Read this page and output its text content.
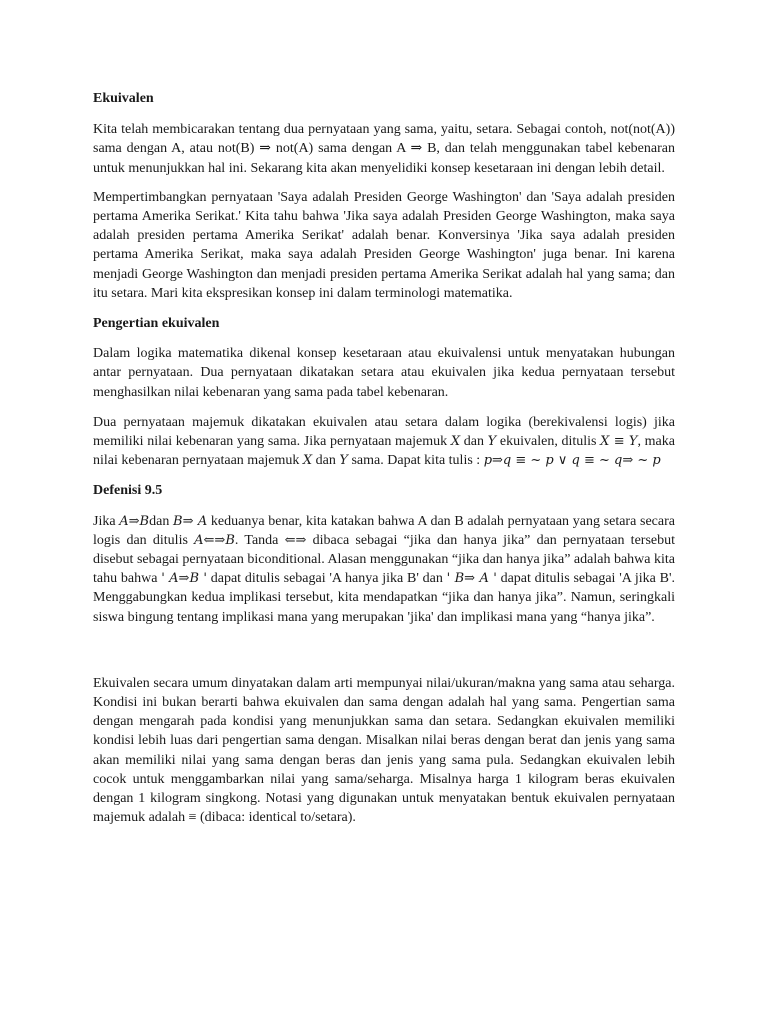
Ekuivalen

Kita telah membicarakan tentang dua pernyataan yang sama, yaitu, setara. Sebagai contoh, not(not(A)) sama dengan A, atau not(B) ⇒ not(A) sama dengan A ⇒ B, dan telah menggunakan tabel kebenaran untuk menunjukkan hal ini. Sekarang kita akan menyelidiki konsep kesetaraan ini dengan lebih detail.

Mempertimbangkan pernyataan 'Saya adalah Presiden George Washington' dan 'Saya adalah presiden pertama Amerika Serikat.' Kita tahu bahwa 'Jika saya adalah Presiden George Washington, maka saya adalah presiden pertama Amerika Serikat' adalah benar. Konversinya 'Jika saya adalah presiden pertama Amerika Serikat, maka saya adalah Presiden George Washington' juga benar. Ini karena menjadi George Washington dan menjadi presiden pertama Amerika Serikat adalah hal yang sama; dan itu setara. Mari kita ekspresikan konsep ini dalam terminologi matematika.

Pengertian ekuivalen

Dalam logika matematika dikenal konsep kesetaraan atau ekuivalensi untuk menyatakan hubungan antar pernyataan. Dua pernyataan dikatakan setara atau ekuivalen jika kedua pernyataan tersebut menghasilkan nilai kebenaran yang sama pada tabel kebenaran.

Dua pernyataan majemuk dikatakan ekuivalen atau setara dalam logika (berekivalensi logis) jika memiliki nilai kebenaran yang sama. Jika pernyataan majemuk X dan Y ekuivalen, ditulis X ≡ Y, maka nilai kebenaran pernyataan majemuk X dan Y sama. Dapat kita tulis : p⇒q ≡ ~ p ∨ q ≡ ~ q⇒ ~ p

Defenisi 9.5

Jika A⇒Bdan B⇒ A keduanya benar, kita katakan bahwa A dan B adalah pernyataan yang setara secara logis dan ditulis A⇐⇒B. Tanda ⇐⇒ dibaca sebagai “jika dan hanya jika” dan pernyataan tersebut disebut sebagai pernyataan biconditional. Alasan menggunakan “jika dan hanya jika” adalah bahwa kita tahu bahwa ' A⇒B ' dapat ditulis sebagai 'A hanya jika B' dan ' B⇒ A ' dapat ditulis sebagai 'A jika B'. Menggabungkan kedua implikasi tersebut, kita mendapatkan “jika dan hanya jika”. Namun, seringkali siswa bingung tentang implikasi mana yang merupakan 'jika' dan implikasi mana yang “hanya jika”.

Ekuivalen secara umum dinyatakan dalam arti mempunyai nilai/ukuran/makna yang sama atau seharga. Kondisi ini bukan berarti bahwa ekuivalen dan sama dengan adalah hal yang sama. Pengertian sama dengan mengarah pada kondisi yang menunjukkan sama dan setara. Sedangkan ekuivalen memiliki kondisi lebih luas dari pengertian sama dengan. Misalkan nilai beras dengan berat dan jenis yang sama akan memiliki nilai yang sama dengan beras dan jenis yang sama pula. Sedangkan ekuivalen lebih cocok untuk menggambarkan nilai yang sama/seharga. Misalnya harga 1 kilogram beras ekuivalen dengan 1 kilogram singkong. Notasi yang digunakan untuk menyatakan bentuk ekuivalen pernyataan majemuk adalah ≡ (dibaca: identical to/setara).
